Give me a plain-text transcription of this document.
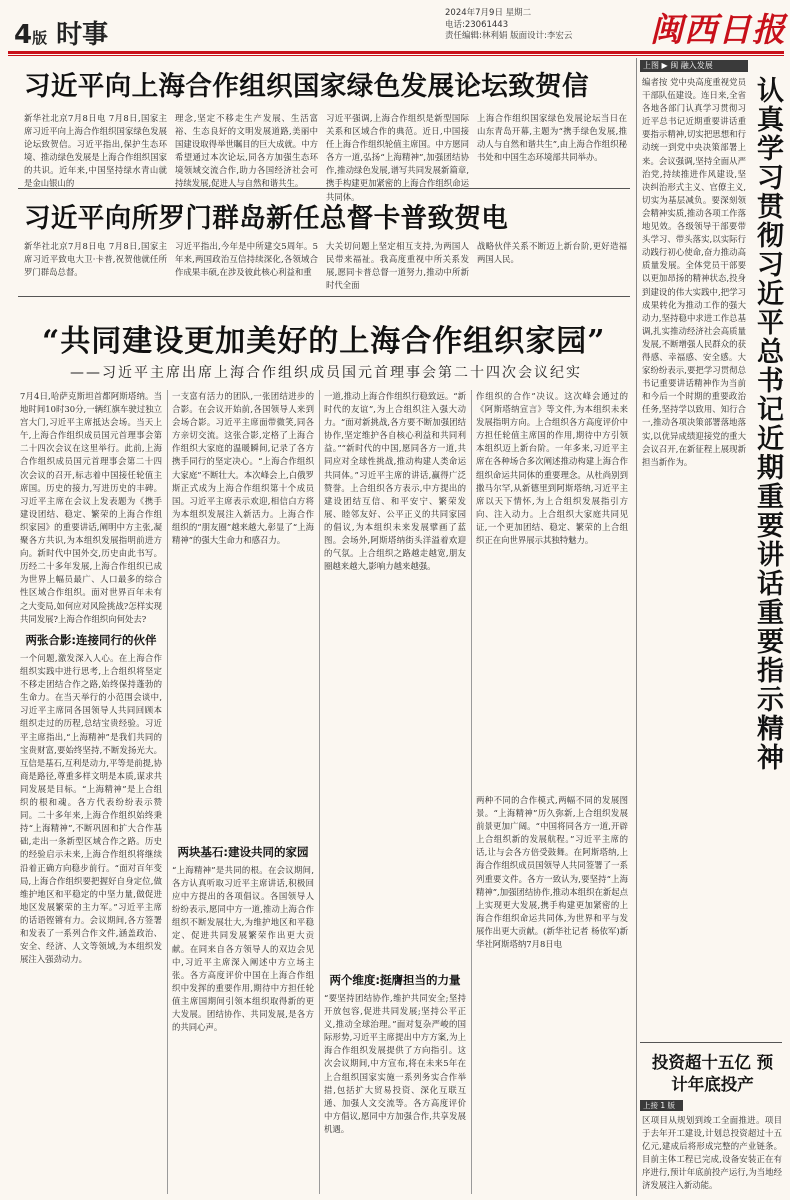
4版 时事
2024年7月9日 星期二
电话:23061443
责任编辑:林利娟 版面设计:李宏云	闽西日报
习近平向上海合作组织国家绿色发展论坛致贺信
新华社北京7月8日电 7月8日,国家主席习近平向上海合作组织国家绿色发展论坛致贺信。习近平指出,保护生态环境、推动绿色发展是上海合作组织国家的共识。近年来,中国坚持绿水青山就是金山银山的
理念,坚定不移走生产发展、生活富裕、生态良好的文明发展道路,美丽中国建设取得举世瞩目的巨大成就。中方希望通过本次论坛,同各方加强生态环境领域交流合作,助力各国经济社会可持续发展,促进人与自然和谐共生。
习近平强调,上海合作组织是新型国际关系和区域合作的典范。近日,中国接任上海合作组织轮值主席国。中方愿同各方一道,弘扬“上海精神”,加强团结协作,推动绿色发展,谱写共同发展新篇章,携手构建更加紧密的上海合作组织命运共同体。
上海合作组织国家绿色发展论坛当日在山东青岛开幕,主题为“携手绿色发展,推动人与自然和谐共生”,由上海合作组织秘书处和中国生态环境部共同举办。
习近平向所罗门群岛新任总督卡普致贺电
新华社北京7月8日电 7月8日,国家主席习近平致电大卫·卡普,祝贺他就任所罗门群岛总督。
习近平指出,今年是中所建交5周年。5年来,两国政治互信持续深化,各领域合作成果丰硕,在涉及彼此核心利益和重
大关切问题上坚定相互支持,为两国人民带来福祉。我高度重视中所关系发展,愿同卡普总督一道努力,推动中所新时代全面
战略伙伴关系不断迈上新台阶,更好造福两国人民。
“共同建设更加美好的上海合作组织家园”
——习近平主席出席上海合作组织成员国元首理事会第二十四次会议纪实
7月4日,哈萨克斯坦首都阿斯塔纳。当地时间10时30分,一辆红旗车驶过独立宫大门,习近平主席抵达会场。当天上午,上海合作组织成员国元首理事会第二十四次会议在这里举行。此前,上海合作组织成员国元首理事会第二十四次会议的召开,标志着中国接任轮值主席国。历史的接力,写进历史的丰碑。习近平主席在会议上发表题为《携手建设团结、稳定、繁荣的上海合作组织家园》的重要讲话,阐明中方主张,凝聚各方共识,为本组织发展指明前进方向。新时代中国外交,历史由此书写。历经二十多年发展,上海合作组织已成为世界上幅员最广、人口最多的综合性区域合作组织。面对世界百年未有之大变局,如何应对风险挑战?怎样实现共同发展?上海合作组织向何处去?
两张合影:连接同行的伙伴
一个问题,激发深入人心。在上海合作组织实践中进行思考,上合组织将坚定不移走团结合作之路,始终保持蓬勃的生命力。在当天举行的小范围会谈中,习近平主席同各国领导人共同回顾本组织走过的历程,总结宝贵经验。习近平主席指出,“上海精神”是我们共同的宝贵财富,要始终坚持,不断发扬光大。互信是基石,互利是动力,平等是前提,协商是路径,尊重多样文明是本质,谋求共同发展是目标。“上海精神”是上合组织的根和魂。各方代表纷纷表示赞同。二十多年来,上海合作组织始终秉持“上海精神”,不断巩固和扩大合作基础,走出一条新型区域合作之路。历史的经验启示未来,上海合作组织将继续沿着正确方向稳步前行。“面对百年变局,上海合作组织要把握好自身定位,做维护地区和平稳定的中坚力量,做促进地区发展繁荣的主力军。”习近平主席的话语铿锵有力。会议期间,各方签署和发表了一系列合作文件,涵盖政治、安全、经济、人文等领域,为本组织发展注入强劲动力。
一支富有活力的团队,一张团结进步的合影。在会议开始前,各国领导人来到会场合影。习近平主席面带微笑,同各方亲切交流。这张合影,定格了上海合作组织大家庭的温暖瞬间,记录了各方携手同行的坚定决心。“上海合作组织大家庭”不断壮大。本次峰会上,白俄罗斯正式成为上海合作组织第十个成员国。习近平主席表示欢迎,相信白方将为本组织发展注入新活力。上海合作组织的“朋友圈”越来越大,彰显了“上海精神”的强大生命力和感召力。
两块基石:建设共同的家园
“上海精神”是共同的根。在会议期间,各方认真听取习近平主席讲话,积极回应中方提出的各项倡议。各国领导人纷纷表示,愿同中方一道,推动上海合作组织不断发展壮大,为维护地区和平稳定、促进共同发展繁荣作出更大贡献。在同来自各方领导人的双边会见中,习近平主席深入阐述中方立场主张。各方高度评价中国在上海合作组织中发挥的重要作用,期待中方担任轮值主席国期间引领本组织取得新的更大发展。团结协作、共同发展,是各方的共同心声。
一道,推动上海合作组织行稳致远。“新时代的友谊”,为上合组织注入强大动力。“面对新挑战,各方要不断加强团结协作,坚定维护各自核心利益和共同利益。”“新时代的中国,愿同各方一道,共同应对全球性挑战,推动构建人类命运共同体。”习近平主席的讲话,赢得广泛赞誉。上合组织各方表示,中方提出的建设团结互信、和平安宁、繁荣发展、睦邻友好、公平正义的共同家园的倡议,为本组织未来发展擘画了蓝图。会场外,阿斯塔纳街头洋溢着欢迎的气氛。上合组织之路越走越宽,朋友圈越来越大,影响力越来越强。
两个维度:挺膺担当的力量
“要坚持团结协作,维护共同安全;坚持开放包容,促进共同发展;坚持公平正义,推动全球治理。”面对复杂严峻的国际形势,习近平主席提出中方方案,为上海合作组织发展提供了方向指引。这次会议期间,中方宣布,将在未来5年在上合组织国家实施一系列务实合作举措,包括扩大贸易投资、深化互联互通、加强人文交流等。各方高度评价中方倡议,愿同中方加强合作,共享发展机遇。
作组织的合作”决议。这次峰会通过的《阿斯塔纳宣言》等文件,为本组织未来发展指明方向。上合组织各方高度评价中方担任轮值主席国的作用,期待中方引领本组织迈上新台阶。一年多来,习近平主席在各种场合多次阐述推动构建上海合作组织命运共同体的重要理念。从杜尚别到撒马尔罕,从新德里到阿斯塔纳,习近平主席以天下情怀,为上合组织发展指引方向、注入动力。上合组织大家庭共同见证,一个更加团结、稳定、繁荣的上合组织正在向世界展示其独特魅力。
两种不同的合作模式,两幅不同的发展图景。“上海精神”历久弥新,上合组织发展前景更加广阔。“中国将同各方一道,开辟上合组织新的发展航程。”习近平主席的话,让与会各方倍受鼓舞。在阿斯塔纳,上海合作组织成员国领导人共同签署了一系列重要文件。各方一致认为,要坚持“上海精神”,加强团结协作,推动本组织在新起点上实现更大发展,携手构建更加紧密的上海合作组织命运共同体,为世界和平与发展作出更大贡献。(新华社记者 杨依军)新华社阿斯塔纳7月8日电
上图 ▶ 闽 融入发展
认真学习贯彻习近平总书记近期重要讲话重要指示精神
编者按 党中央高度重视党员干部队伍建设。连日来,全省各地各部门认真学习贯彻习近平总书记近期重要讲话重要指示精神,切实把思想和行动统一到党中央决策部署上来。会议强调,坚持全面从严治党,持续推进作风建设,坚决纠治形式主义、官僚主义,切实为基层减负。要深刻领会精神实质,推动各项工作落地见效。各级领导干部要带头学习、带头落实,以实际行动践行初心使命,奋力推动高质量发展。全体党员干部要以更加昂扬的精神状态,投身到建设的伟大实践中,把学习成果转化为推动工作的强大动力,坚持稳中求进工作总基调,扎实推动经济社会高质量发展,不断增强人民群众的获得感、幸福感、安全感。大家纷纷表示,要把学习贯彻总书记重要讲话精神作为当前和今后一个时期的重要政治任务,坚持学以致用、知行合一,推动各项决策部署落地落实,以优异成绩迎接党的重大会议召开,在新征程上展现新担当新作为。
投资超十五亿 预计年底投产
上接 1 版
区项目从规划到竣工全面推进。项目于去年开工建设,计划总投资超过十五亿元,建成后将形成完整的产业链条。目前主体工程已完成,设备安装正在有序进行,预计年底前投产运行,为当地经济发展注入新动能。
